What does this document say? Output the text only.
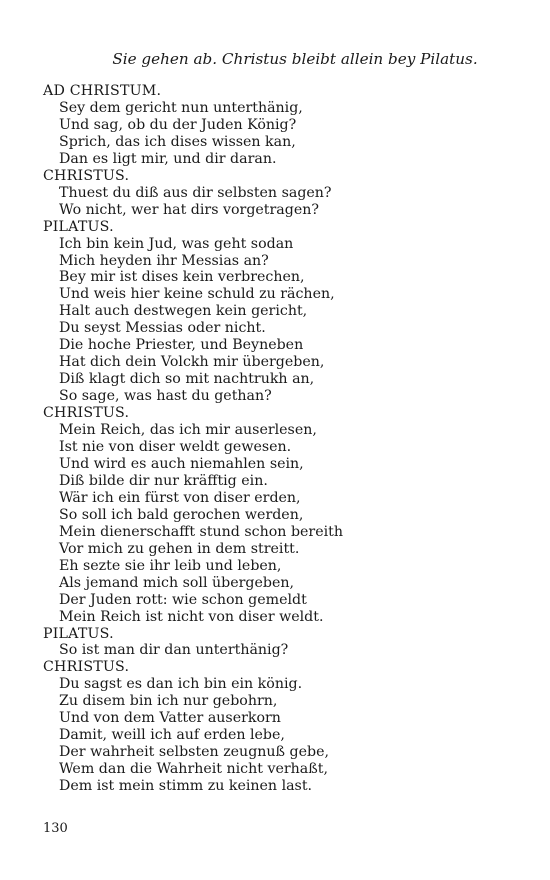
Sie gehen ab. Christus bleibt allein bey Pilatus.
AD CHRISTUM.
Sey dem gericht nun unterthänig,
Und sag, ob du der Juden König?
Sprich, das ich dises wissen kan,
Dan es ligt mir, und dir daran.
CHRISTUS.
Thuest du diß aus dir selbsten sagen?
Wo nicht, wer hat dirs vorgetragen?
PILATUS.
Ich bin kein Jud, was geht sodan
Mich heyden ihr Messias an?
Bey mir ist dises kein verbrechen,
Und weis hier keine schuld zu rächen,
Halt auch destwegen kein gericht,
Du seyst Messias oder nicht.
Die hoche Priester, und Beyneben
Hat dich dein Volckh mir übergeben,
Diß klagt dich so mit nachtrukh an,
So sage, was hast du gethan?
CHRISTUS.
Mein Reich, das ich mir auserlesen,
Ist nie von diser weldt gewesen.
Und wird es auch niemahlen sein,
Diß bilde dir nur kräfftig ein.
Wär ich ein fürst von diser erden,
So soll ich bald gerochen werden,
Mein dienerschafft stund schon bereith
Vor mich zu gehen in dem streitt.
Eh sezte sie ihr leib und leben,
Als jemand mich soll übergeben,
Der Juden rott: wie schon gemeldt
Mein Reich ist nicht von diser weldt.
PILATUS.
So ist man dir dan unterthänig?
CHRISTUS.
Du sagst es dan ich bin ein könig.
Zu disem bin ich nur gebohrn,
Und von dem Vatter auserkorn
Damit, weill ich auf erden lebe,
Der wahrheit selbsten zeugnuß gebe,
Wem dan die Wahrheit nicht verhaßt,
Dem ist mein stimm zu keinen last.
130
